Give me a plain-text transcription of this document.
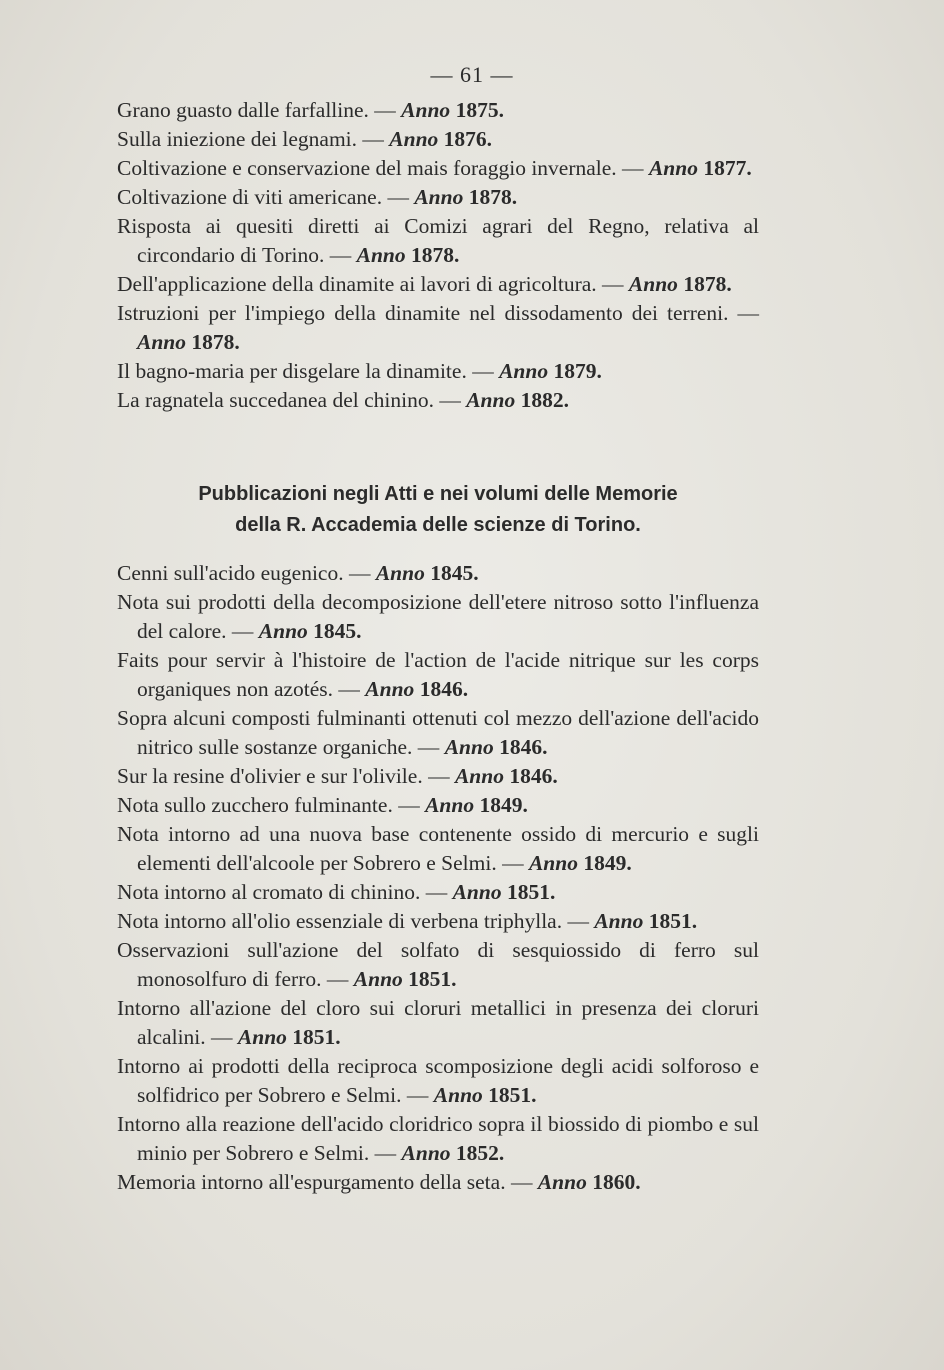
— 61 —

Grano guasto dalle farfalline. — Anno 1875.

Sulla iniezione dei legnami. — Anno 1876.

Coltivazione e conservazione del mais foraggio invernale. — Anno 1877.

Coltivazione di viti americane. — Anno 1878.

Risposta ai quesiti diretti ai Comizi agrari del Regno, relativa al circondario di Torino. — Anno 1878.

Dell'applicazione della dinamite ai lavori di agricoltura. — Anno 1878.

Istruzioni per l'impiego della dinamite nel dissodamento dei terreni. — Anno 1878.

Il bagno-maria per disgelare la dinamite. — Anno 1879.

La ragnatela succedanea del chinino. — Anno 1882.

Pubblicazioni negli Atti e nei volumi delle Memorie
della R. Accademia delle scienze di Torino.

Cenni sull'acido eugenico. — Anno 1845.

Nota sui prodotti della decomposizione dell'etere nitroso sotto l'influenza del calore. — Anno 1845.

Faits pour servir à l'histoire de l'action de l'acide nitrique sur les corps organiques non azotés. — Anno 1846.

Sopra alcuni composti fulminanti ottenuti col mezzo dell'azione dell'acido nitrico sulle sostanze organiche. — Anno 1846.

Sur la resine d'olivier e sur l'olivile. — Anno 1846.

Nota sullo zucchero fulminante. — Anno 1849.

Nota intorno ad una nuova base contenente ossido di mercurio e sugli elementi dell'alcoole per Sobrero e Selmi. — Anno 1849.

Nota intorno al cromato di chinino. — Anno 1851.

Nota intorno all'olio essenziale di verbena triphylla. — Anno 1851.

Osservazioni sull'azione del solfato di sesquiossido di ferro sul monosolfuro di ferro. — Anno 1851.

Intorno all'azione del cloro sui cloruri metallici in presenza dei cloruri alcalini. — Anno 1851.

Intorno ai prodotti della reciproca scomposizione degli acidi solforoso e solfidrico per Sobrero e Selmi. — Anno 1851.

Intorno alla reazione dell'acido cloridrico sopra il biossido di piombo e sul minio per Sobrero e Selmi. — Anno 1852.

Memoria intorno all'espurgamento della seta. — Anno 1860.
